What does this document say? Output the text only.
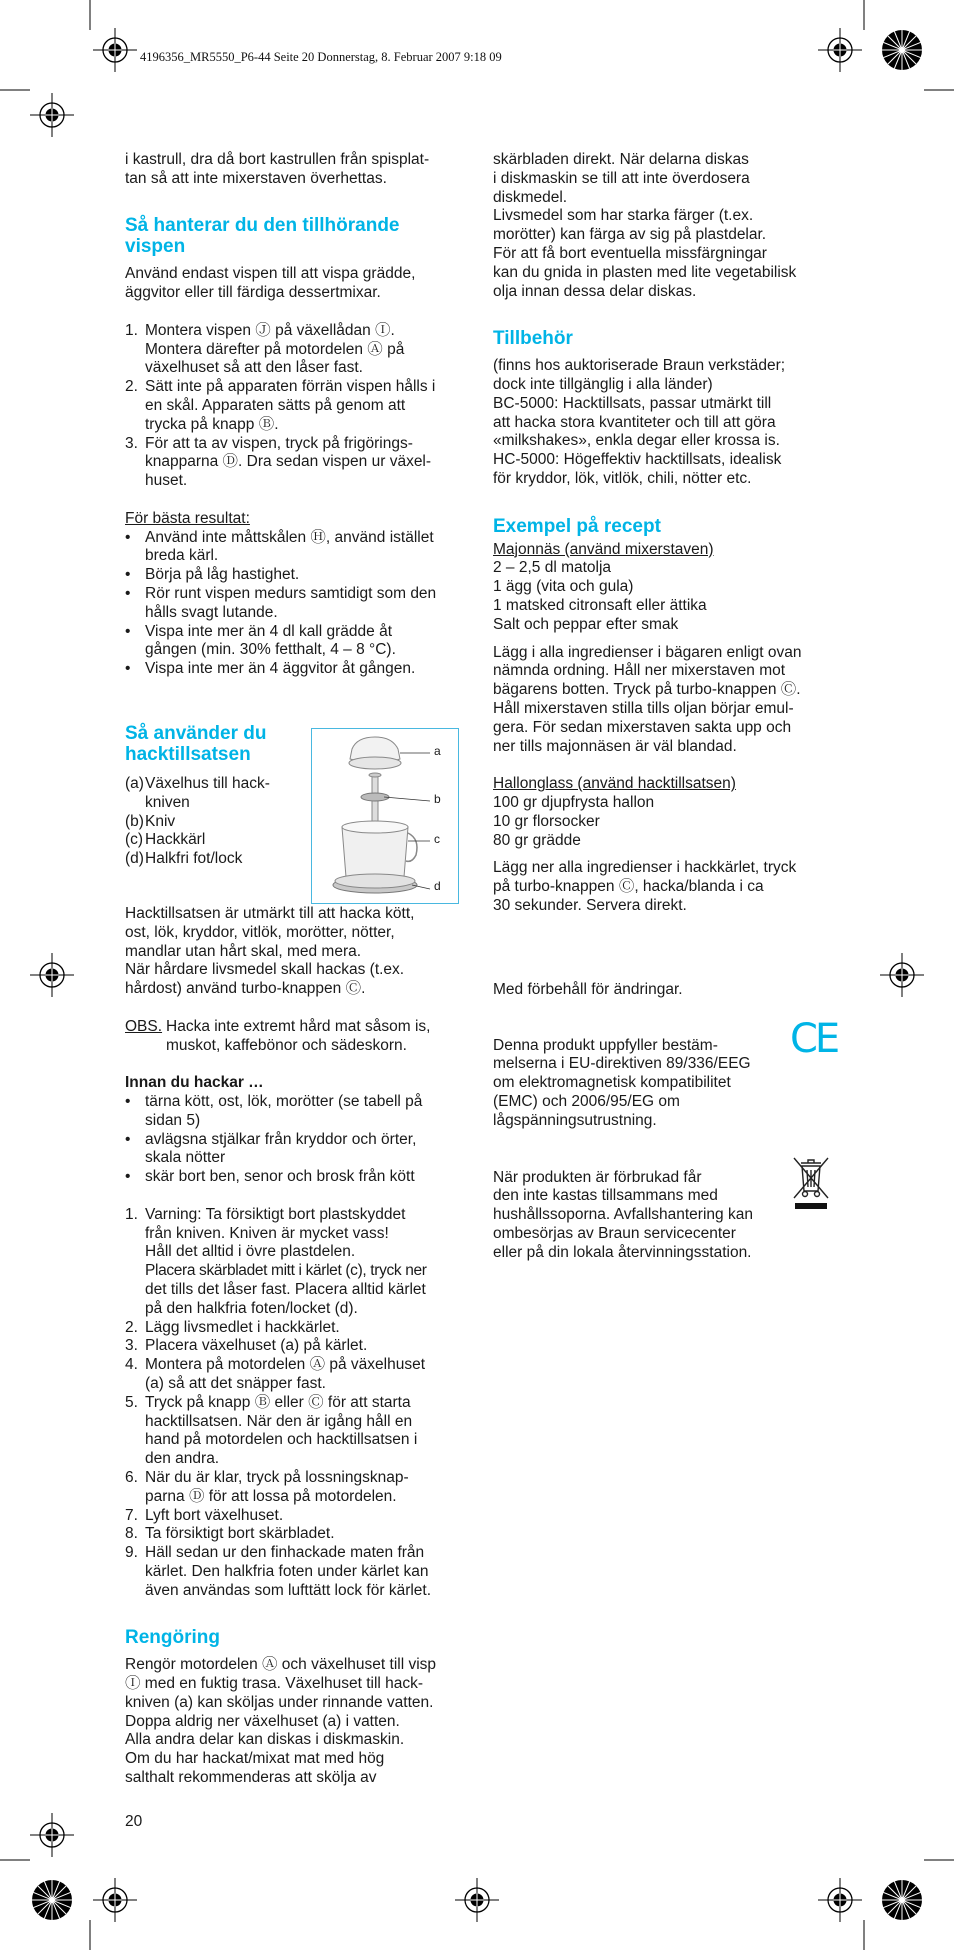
4196356_MR5550_P6-44 Seite 20 Donnerstag, 8. Februar 2007 9:18 09

i kastrull, dra då bort kastrullen från spisplat-
tan så att inte mixerstaven överhettas.

Så hanterar du den tillhörande
vispen

Använd endast vispen till att vispa grädde,
äggvitor eller till färdiga dessertmixar.

1. Montera vispen Ⓙ på växellådan Ⓘ.
Montera därefter på motordelen Ⓐ på
växelhuset så att den låser fast.
2. Sätt inte på apparaten förrän vispen hålls i
en skål. Apparaten sätts på genom att
trycka på knapp Ⓑ.
3. För att ta av vispen, tryck på frigörings-
knapparna Ⓓ. Dra sedan vispen ur växel-
huset.

För bästa resultat:

• Använd inte måttskålen Ⓗ, använd istället
breda kärl.
• Börja på låg hastighet.
• Rör runt vispen medurs samtidigt som den
hålls svagt lutande.
• Vispa inte mer än 4 dl kall grädde åt
gången (min. 30% fetthalt, 4 – 8 °C).
• Vispa inte mer än 4 äggvitor åt gången.
Så använder du
hacktillsatsen
(a) Växelhus till hack-
kniven
(b) Kniv
(c) Hackkärl
(d) Halkfri fot/lock
a
b
c
d

Hacktillsatsen är utmärkt till att hacka kött,
ost, lök, kryddor, vitlök, morötter, nötter,
mandlar utan hårt skal, med mera.
När hårdare livsmedel skall hackas (t.ex.
hårdost) använd turbo-knappen Ⓒ.

OBS. Hacka inte extremt hård mat såsom is,
muskot, kaffebönor och sädeskorn.

Innan du hackar …

• tärna kött, ost, lök, morötter (se tabell på
sidan 5)
• avlägsna stjälkar från kryddor och örter,
skala nötter
• skär bort ben, senor och brosk från kött
1. Varning: Ta försiktigt bort plastskyddet
från kniven. Kniven är mycket vass!
Håll det alltid i övre plastdelen.
Placera skärbladet mitt i kärlet (c), tryck ner
det tills det låser fast. Placera alltid kärlet
på den halkfria foten/locket (d).
2. Lägg livsmedlet i hackkärlet.
3. Placera växelhuset (a) på kärlet.
4. Montera på motordelen Ⓐ på växelhuset
(a) så att det snäpper fast.
5. Tryck på knapp Ⓑ eller Ⓒ för att starta
hacktillsatsen. När den är igång håll en
hand på motordelen och hacktillsatsen i
den andra.
6. När du är klar, tryck på lossningsknap-
parna Ⓓ för att lossa på motordelen.
7. Lyft bort växelhuset.
8. Ta försiktigt bort skärbladet.
9. Häll sedan ur den finhackade maten från
kärlet. Den halkfria foten under kärlet kan
även användas som lufttätt lock för kärlet.
Rengöring

Rengör motordelen Ⓐ och växelhuset till visp
Ⓘ med en fuktig trasa. Växelhuset till hack-
kniven (a) kan sköljas under rinnande vatten.
Doppa aldrig ner växelhuset (a) i vatten.
Alla andra delar kan diskas i diskmaskin.
Om du har hackat/mixat mat med hög
salthalt rekommenderas att skölja av

skärbladen direkt. När delarna diskas
i diskmaskin se till att inte överdosera
diskmedel.
Livsmedel som har starka färger (t.ex.
morötter) kan färga av sig på plastdelar.
För att få bort eventuella missfärgningar
kan du gnida in plasten med lite vegetabilisk
olja innan dessa delar diskas.

Tillbehör

(finns hos auktoriserade Braun verkstäder;
dock inte tillgänglig i alla länder)
BC-5000: Hacktillsats, passar utmärkt till
att hacka stora kvantiteter och till att göra
«milkshakes», enkla degar eller krossa is.
HC-5000: Högeffektiv hacktillsats, idealisk
för kryddor, lök, vitlök, chili, nötter etc.

Exempel på recept

Majonnäs (använd mixerstaven)

2 – 2,5 dl matolja
1 ägg (vita och gula)
1 matsked citronsaft eller ättika
Salt och peppar efter smak

Lägg i alla ingredienser i bägaren enligt ovan
nämnda ordning. Håll ner mixerstaven mot
bägarens botten. Tryck på turbo-knappen Ⓒ.
Håll mixerstaven stilla tills oljan börjar emul-
gera. För sedan mixerstaven sakta upp och
ner tills majonnäsen är väl blandad.

Hallonglass (använd hacktillsatsen)

100 gr djupfrysta hallon
10 gr florsocker
80 gr grädde

Lägg ner alla ingredienser i hackkärlet, tryck
på turbo-knappen Ⓒ, hacka/blanda i ca
30 sekunder. Servera direkt.

Med förbehåll för ändringar.

Denna produkt uppfyller bestäm-
melserna i EU-direktiven 89/336/EEG
om elektromagnetisk kompatibilitet
(EMC) och 2006/95/EG om
lågspänningsutrustning.

CE

När produkten är förbrukad får
den inte kastas tillsammans med
hushållssoporna. Avfallshantering kan
ombesörjas av Braun servicecenter
eller på din lokala återvinningsstation.

20
